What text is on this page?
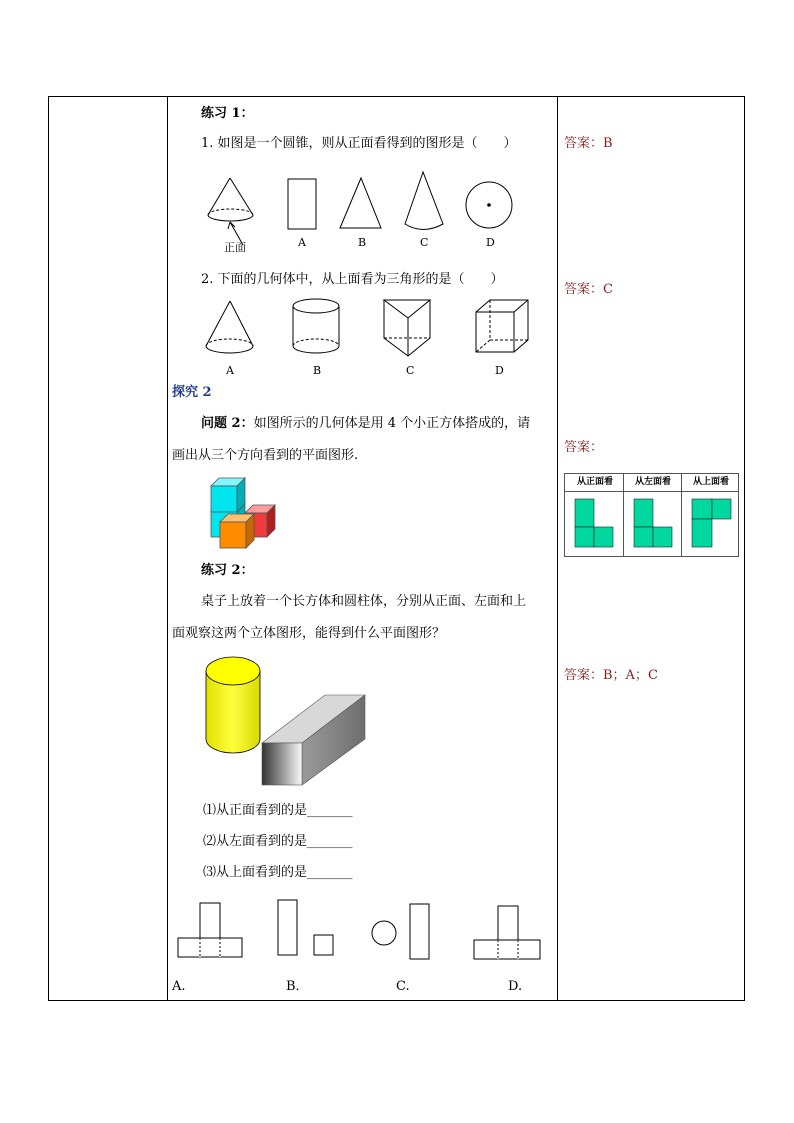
练习 1：
1. 如图是一个圆锥，则从正面看得到的图形是（　　）
正面	A	B	C	D
2. 下面的几何体中，从上面看为三角形的是（　　）
A	B	C	D
探究 2
问题 2：如图所示的几何体是用 4 个小正方体搭成的，请
画出从三个方向看到的平面图形.
练习 2：
桌子上放着一个长方体和圆柱体，分别从正面、左面和上
面观察这两个立体图形，能得到什么平面图形？
⑴从正面看到的是_______
⑵从左面看到的是_______
⑶从上面看到的是_______
A.	B．	C.	D.
答案：B
答案：C
答案：
答案：B；A；C
从正面看 从左面看 从上面看
